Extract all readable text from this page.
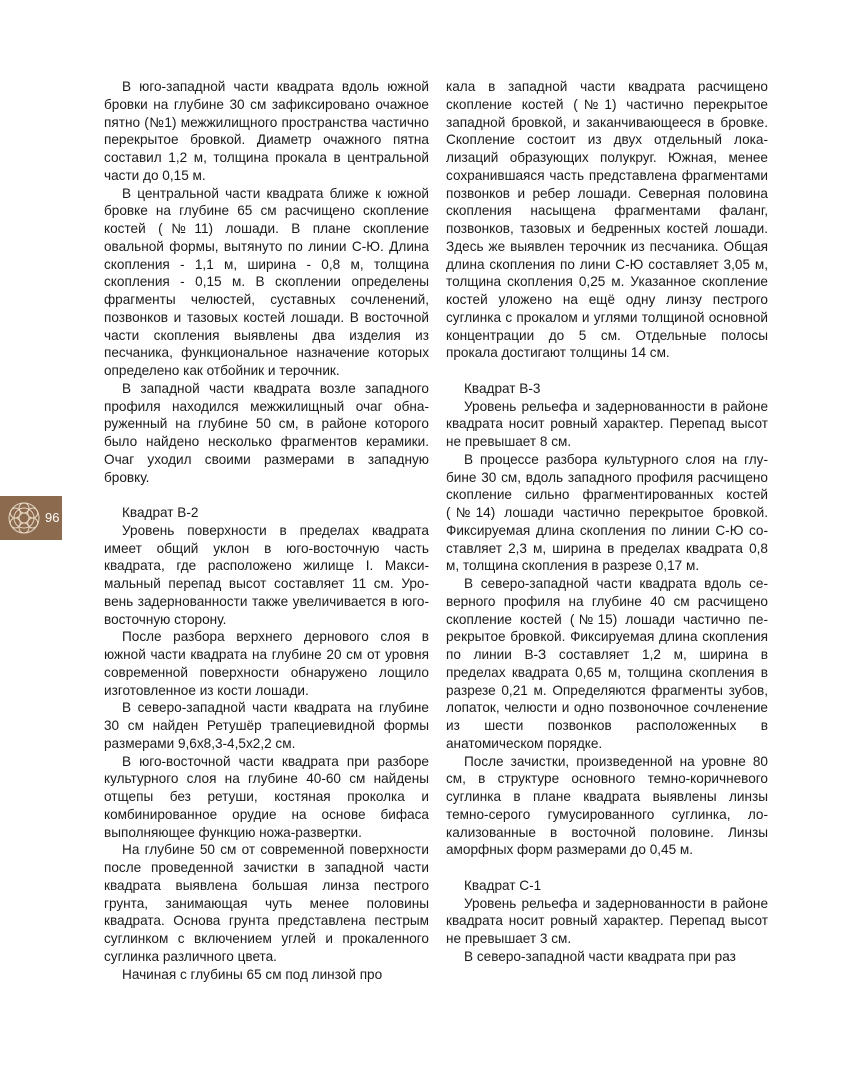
В юго-западной части квадрата вдоль южной бровки на глубине 30 см зафиксировано очажное пятно (№1) межжилищного пространства частично перекрытое бровкой. Диаметр очажного пятна составил 1,2 м, толщина прокала в центральной части до 0,15 м.

В центральной части квадрата ближе к южной бровке на глубине 65 см расчищено скопление костей (№11) лошади. В плане скопление овальной формы, вытянуто по линии С-Ю. Длина скопления - 1,1 м, ширина - 0,8 м, толщина скопления - 0,15 м. В скоплении определены фрагменты челюстей, суставных сочленений, позвонков и тазовых костей лошади. В восточной части скопления выявлены два изделия из песчаника, функциональное назначение которых определено как отбойник и терочник.

В западной части квадрата возле западного профиля находился межжилищный очаг обнаруженный на глубине 50 см, в районе которого было найдено несколько фрагментов керамики. Очаг уходил своими размерами в западную бровку.

Квадрат В-2

Уровень поверхности в пределах квадрата имеет общий уклон в юго-восточную часть квадрата, где расположено жилище I. Максимальный перепад высот составляет 11 см. Уровень задернованности также увеличивается в юго-восточную сторону.

После разбора верхнего дернового слоя в южной части квадрата на глубине 20 см от уровня современной поверхности обнаружено лощило изготовленное из кости лошади.

В северо-западной части квадрата на глубине 30 см найден Ретушёр трапециевидной формы размерами 9,6х8,3-4,5х2,2 см.

В юго-восточной части квадрата при разборе культурного слоя на глубине 40-60 см найдены отщепы без ретуши, костяная проколка и комбинированное орудие на основе бифаса выполняющее функцию ножа-развертки.

На глубине 50 см от современной поверхности после проведенной зачистки в западной части квадрата выявлена большая линза пестрого грунта, занимающая чуть менее половины квадрата. Основа грунта представлена пестрым суглинком с включением углей и прокаленного суглинка различного цвета.

Начиная с глубины 65 см под линзой про

кала в западной части квадрата расчищено скопление костей (№1) частично перекрытое западной бровкой, и заканчивающееся в бровке. Скопление состоит из двух отдельный локализаций образующих полукруг. Южная, менее сохранившаяся часть представлена фрагментами позвонков и ребер лошади. Северная половина скопления насыщена фрагментами фаланг, позвонков, тазовых и бедренных костей лошади. Здесь же выявлен терочник из песчаника. Общая длина скопления по лини С-Ю составляет 3,05 м, толщина скопления 0,25 м. Указанное скопление костей уложено на ещё одну линзу пестрого суглинка с прокалом и углями толщиной основной концентрации до 5 см. Отдельные полосы прокала достигают толщины 14 см.

Квадрат В-3

Уровень рельефа и задернованности в районе квадрата носит ровный характер. Перепад высот не превышает 8 см.

В процессе разбора культурного слоя на глубине 30 см, вдоль западного профиля расчищено скопление сильно фрагментированных костей (№14) лошади частично перекрытое бровкой. Фиксируемая длина скопления по линии С-Ю составляет 2,3 м, ширина в пределах квадрата 0,8 м, толщина скопления в разрезе 0,17 м.

В северо-западной части квадрата вдоль северного профиля на глубине 40 см расчищено скопление костей (№15) лошади частично перекрытое бровкой. Фиксируемая длина скопления по линии В-З составляет 1,2 м, ширина в пределах квадрата 0,65 м, толщина скопления в разрезе 0,21 м. Определяются фрагменты зубов, лопаток, челюсти и одно позвоночное сочленение из шести позвонков расположенных в анатомическом порядке.

После зачистки, произведенной на уровне 80 см, в структуре основного темно-коричневого суглинка в плане квадрата выявлены линзы темно-серого гумусированного суглинка, локализованные в восточной половине. Линзы аморфных форм размерами до 0,45 м.

Квадрат С-1

Уровень рельефа и задернованности в районе квадрата носит ровный характер. Перепад высот не превышает 3 см.

В северо-западной части квадрата при раз

96
